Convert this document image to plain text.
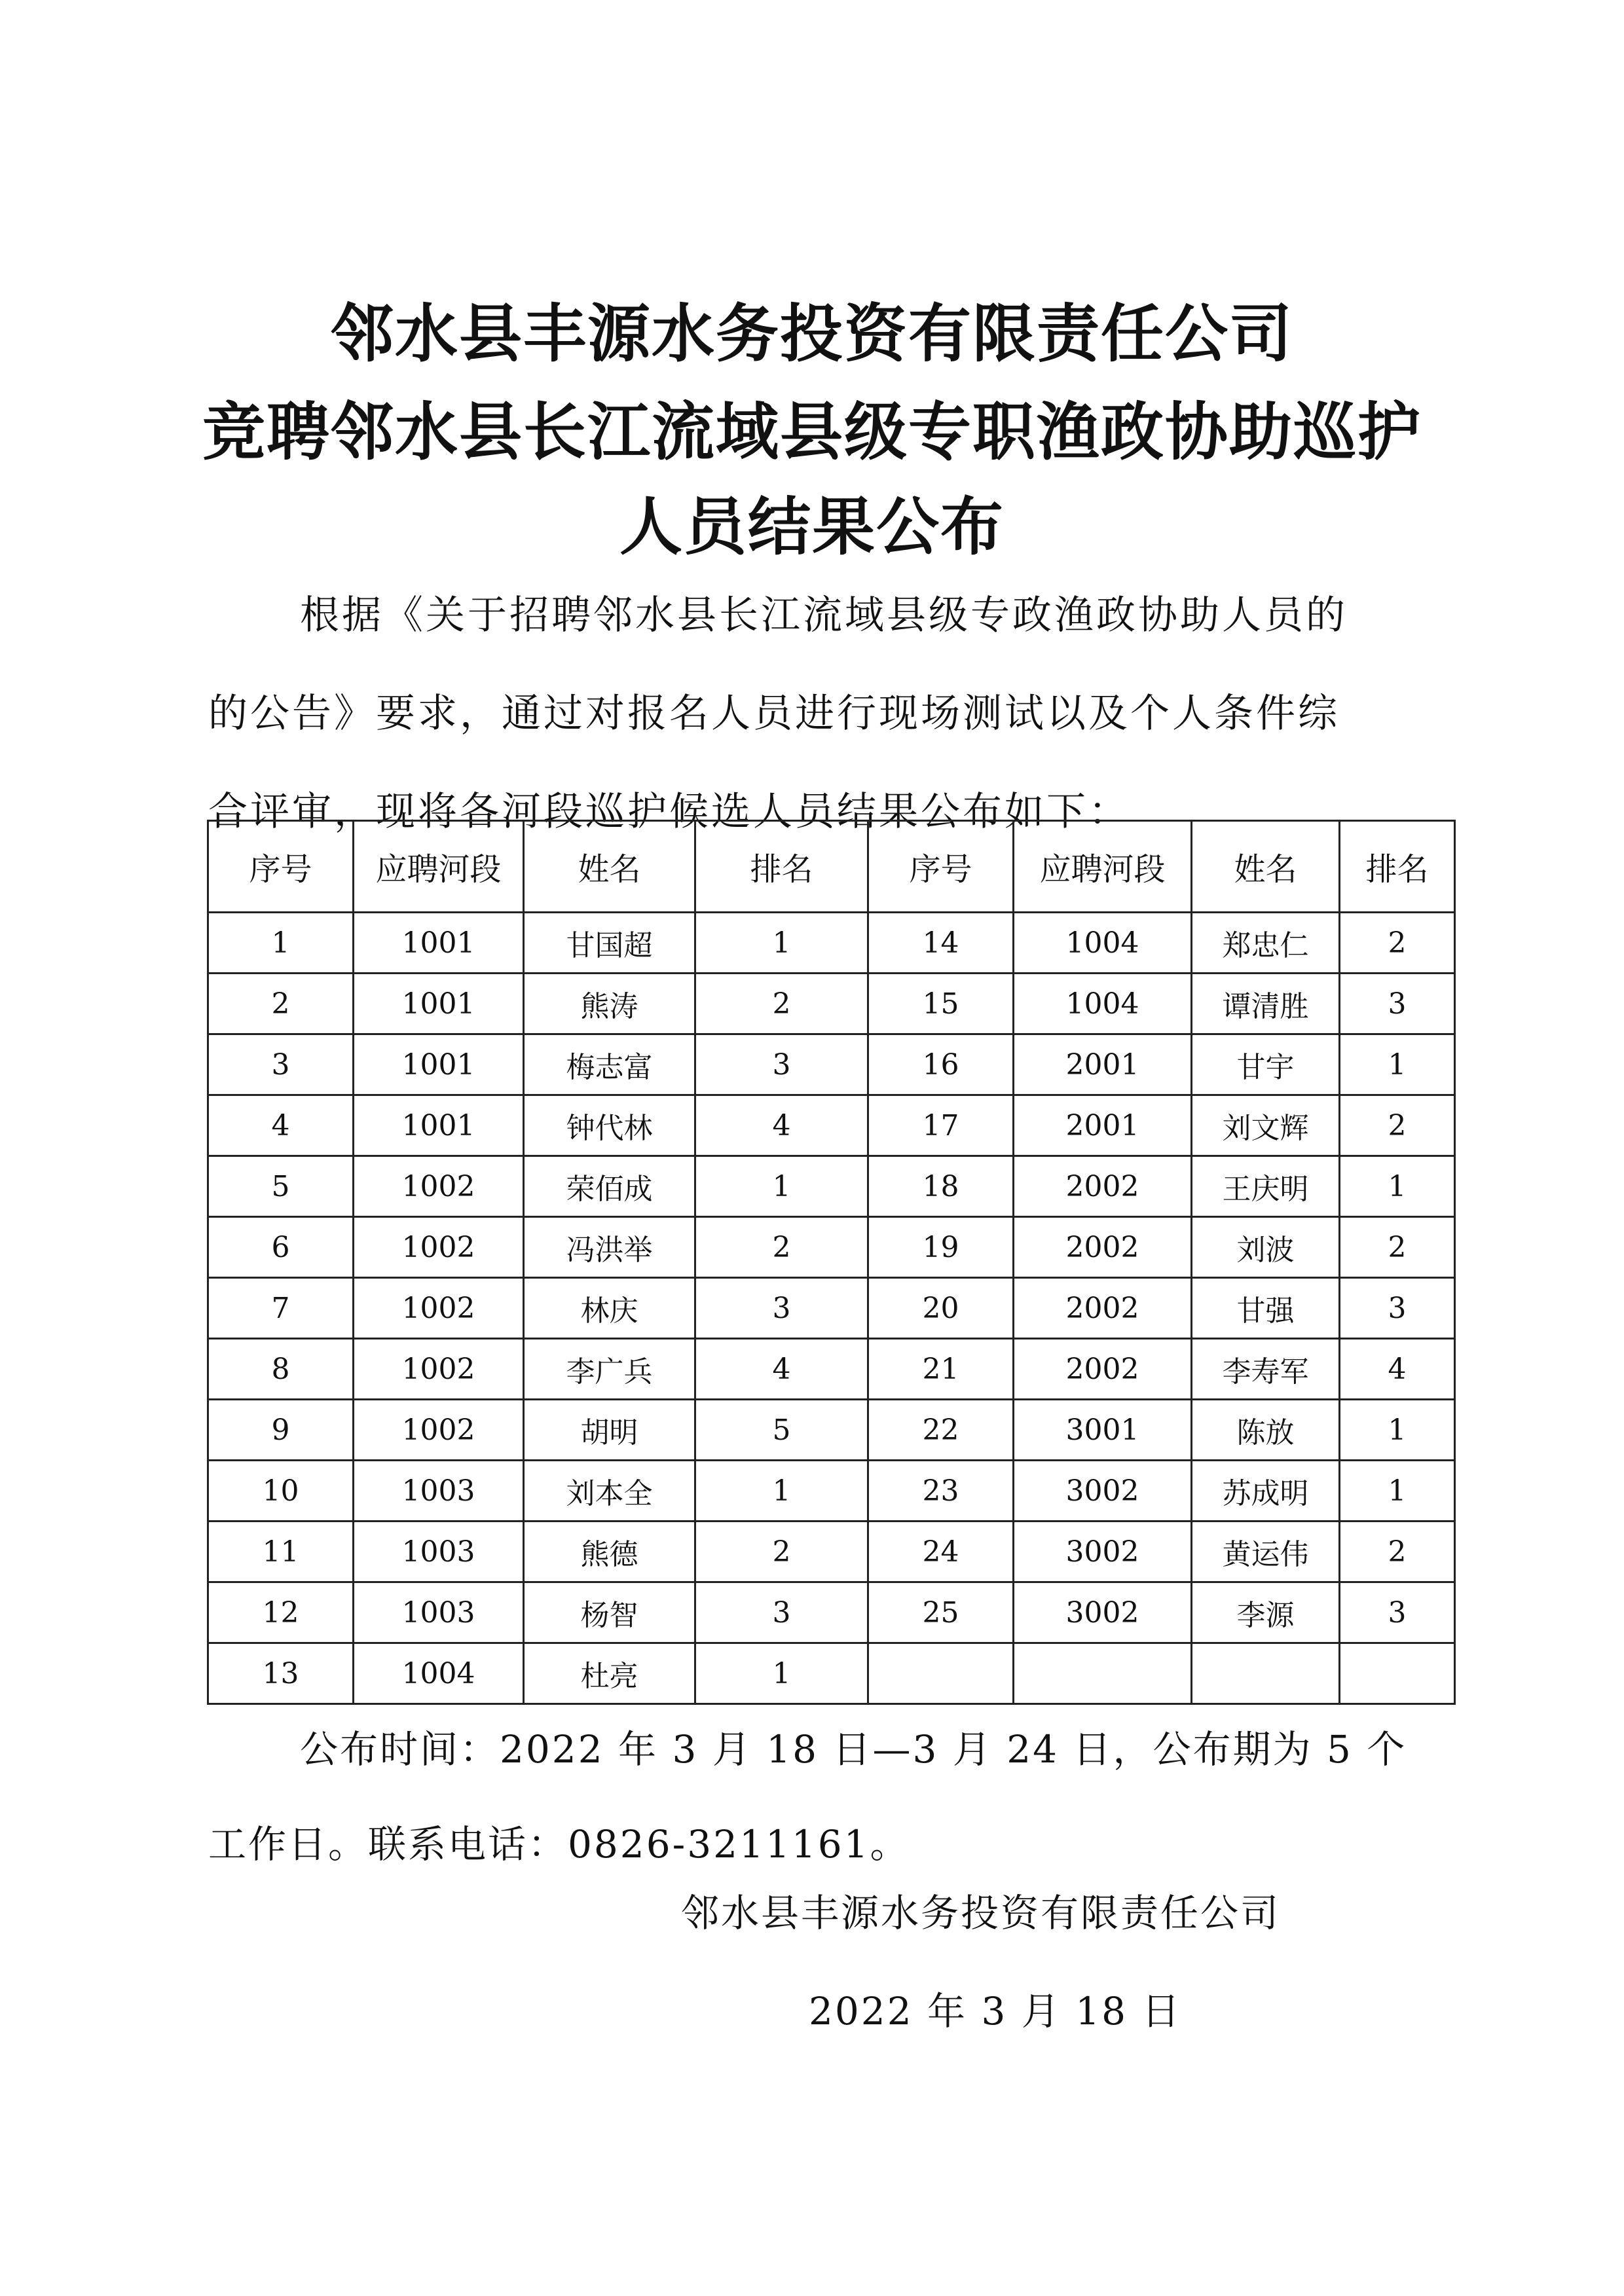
邻水县丰源水务投资有限责任公司
竞聘邻水县长江流域县级专职渔政协助巡护
人员结果公布
根据《关于招聘邻水县长江流域县级专政渔政协助人员的
的公告》要求，通过对报名人员进行现场测试以及个人条件综
合评审，现将各河段巡护候选人员结果公布如下：
序号	应聘河段	姓名	排名	序号	应聘河段	姓名	排名
1	1001	甘国超	1	14	1004	郑忠仁	2
2	1001	熊涛	2	15	1004	谭清胜	3
3	1001	梅志富	3	16	2001	甘宇	1
4	1001	钟代林	4	17	2001	刘文辉	2
5	1002	荣佰成	1	18	2002	王庆明	1
6	1002	冯洪举	2	19	2002	刘波	2
7	1002	林庆	3	20	2002	甘强	3
8	1002	李广兵	4	21	2002	李寿军	4
9	1002	胡明	5	22	3001	陈放	1
10	1003	刘本全	1	23	3002	苏成明	1
11	1003	熊德	2	24	3002	黄运伟	2
12	1003	杨智	3	25	3002	李源	3
13	1004	杜亮	1				
公布时间：2022 年 3 月 18 日—3 月 24 日，公布期为 5 个
工作日。联系电话：0826-3211161。
邻水县丰源水务投资有限责任公司
2022 年 3 月 18 日
